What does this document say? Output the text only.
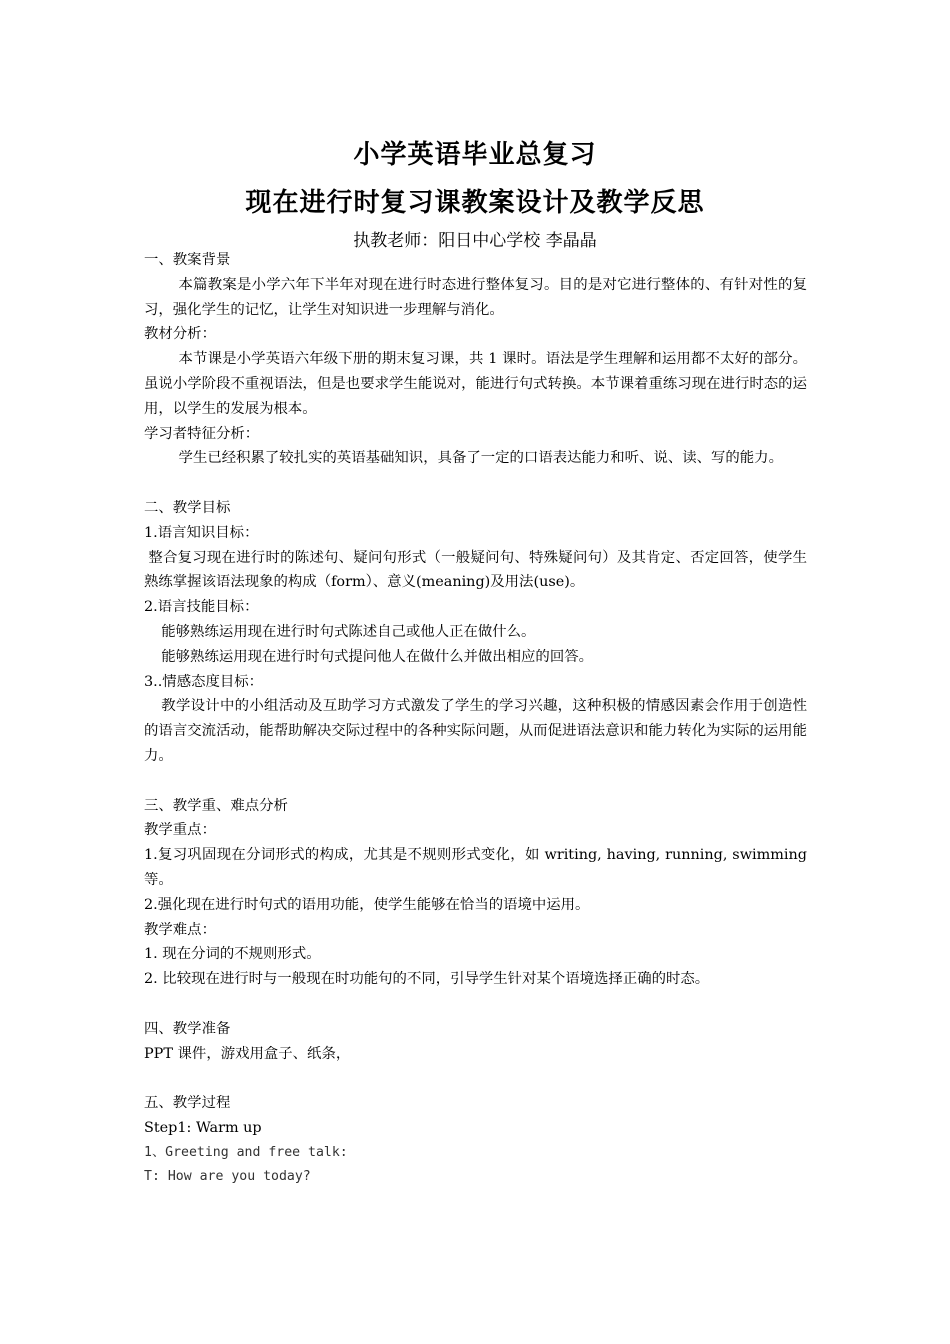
小学英语毕业总复习
现在进行时复习课教案设计及教学反思
执教老师：阳日中心学校 李晶晶
一、教案背景
本篇教案是小学六年下半年对现在进行时态进行整体复习。目的是对它进行整体的、有针对性的复习，强化学生的记忆，让学生对知识进一步理解与消化。
教材分析：
本节课是小学英语六年级下册的期末复习课，共 1 课时。语法是学生理解和运用都不太好的部分。虽说小学阶段不重视语法，但是也要求学生能说对，能进行句式转换。本节课着重练习现在进行时态的运用，以学生的发展为根本。
学习者特征分析：
学生已经积累了较扎实的英语基础知识，具备了一定的口语表达能力和听、说、读、写的能力。
二、教学目标
1.语言知识目标：
整合复习现在进行时的陈述句、疑问句形式（一般疑问句、特殊疑问句）及其肯定、否定回答，使学生熟练掌握该语法现象的构成（form）、意义(meaning)及用法(use)。
2.语言技能目标：
能够熟练运用现在进行时句式陈述自己或他人正在做什么。
能够熟练运用现在进行时句式提问他人在做什么并做出相应的回答。
3..情感态度目标：
教学设计中的小组活动及互助学习方式激发了学生的学习兴趣，这种积极的情感因素会作用于创造性的语言交流活动，能帮助解决交际过程中的各种实际问题，从而促进语法意识和能力转化为实际的运用能力。
三、教学重、难点分析
教学重点：
1.复习巩固现在分词形式的构成，尤其是不规则形式变化，如 writing, having, running, swimming 等。
2.强化现在进行时句式的语用功能，使学生能够在恰当的语境中运用。
教学难点：
1. 现在分词的不规则形式。
2. 比较现在进行时与一般现在时功能句的不同，引导学生针对某个语境选择正确的时态。
四、教学准备
PPT 课件，游戏用盒子、纸条，
五、教学过程
Step1: Warm up
1、Greeting and free talk:
T: How are you today?
